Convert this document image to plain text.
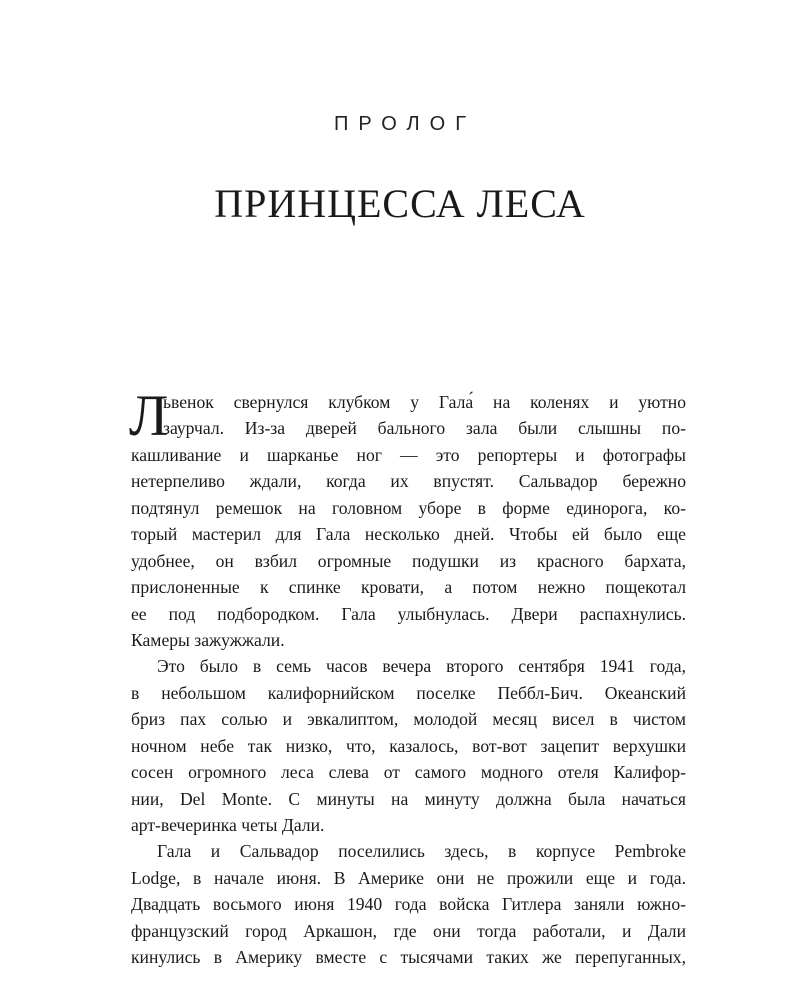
ПРОЛОГ
ПРИНЦЕССА ЛЕСА
Л
ьвенок свернулся клубком у Гала́ на коленях и уютно
заурчал. Из-за дверей бального зала были слышны по-
кашливание и шарканье ног — это репортеры и фотографы
нетерпеливо ждали, когда их впустят. Сальвадор бережно
подтянул ремешок на головном уборе в форме единорога, ко-
торый мастерил для Гала несколько дней. Чтобы ей было еще
удобнее, он взбил огромные подушки из красного бархата,
прислоненные к спинке кровати, а потом нежно пощекотал
ее под подбородком. Гала улыбнулась. Двери распахнулись.
Камеры зажужжали.
Это было в семь часов вечера второго сентября 1941 года,
в небольшом калифорнийском поселке Пеббл-Бич. Океанский
бриз пах солью и эвкалиптом, молодой месяц висел в чистом
ночном небе так низко, что, казалось, вот-вот зацепит верхушки
сосен огромного леса слева от самого модного отеля Калифор-
нии, Del Monte. С минуты на минуту должна была начаться
арт-вечеринка четы Дали.
Гала и Сальвадор поселились здесь, в корпусе Pembroke
Lodge, в начале июня. В Америке они не прожили еще и года.
Двадцать восьмого июня 1940 года войска Гитлера заняли южно-
французский город Аркашон, где они тогда работали, и Дали
кинулись в Америку вместе с тысячами таких же перепуганных,
